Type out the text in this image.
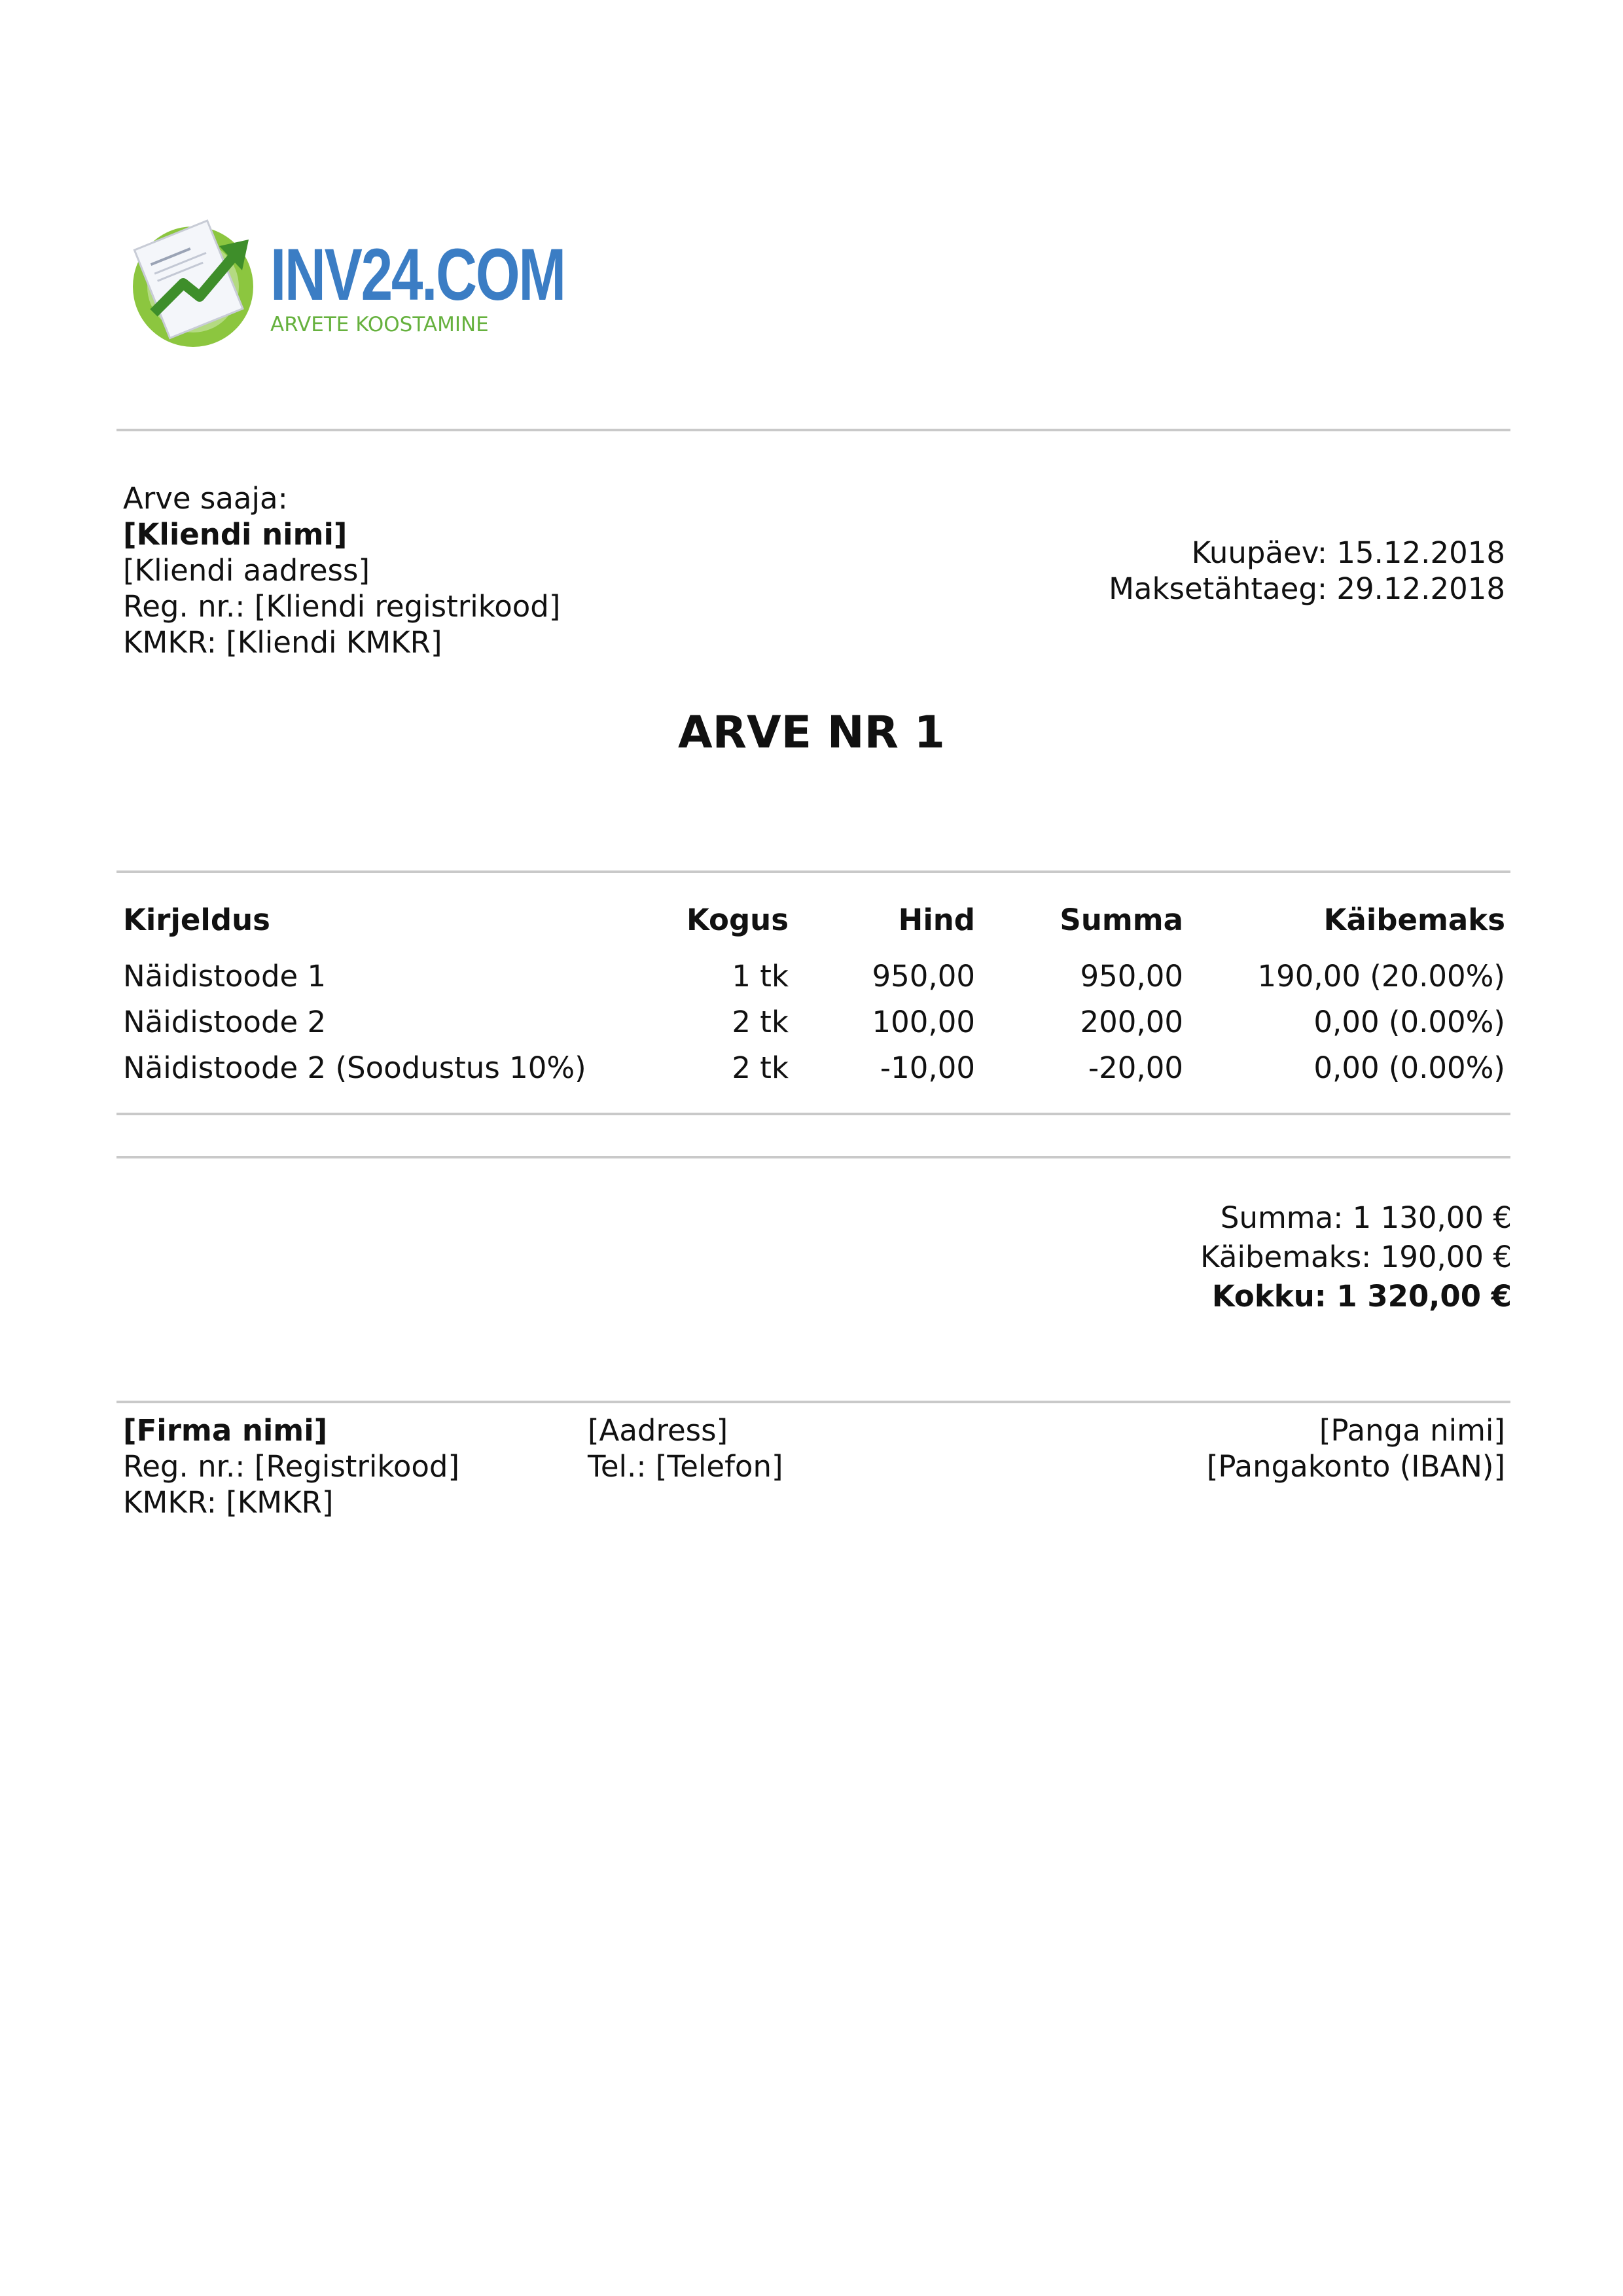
INV24.COM
ARVETE KOOSTAMINE
Arve saaja:
[Kliendi nimi]
[Kliendi aadress]
Reg. nr.: [Kliendi registrikood]
KMKR: [Kliendi KMKR]
Kuupäev: 15.12.2018
Maksetähtaeg: 29.12.2018
ARVE NR 1
Kirjeldus	Kogus	Hind	Summa	Käibemaks
Näidistoode 1	1 tk	950,00	950,00	190,00 (20.00%)
Näidistoode 2	2 tk	100,00	200,00	0,00 (0.00%)
Näidistoode 2 (Soodustus 10%)	2 tk	-10,00	-20,00	0,00 (0.00%)
Summa: 1 130,00 €
Käibemaks: 190,00 €
Kokku: 1 320,00 €
[Firma nimi]
Reg. nr.: [Registrikood]
KMKR: [KMKR]
[Aadress]
Tel.: [Telefon]
[Panga nimi]
[Pangakonto (IBAN)]
